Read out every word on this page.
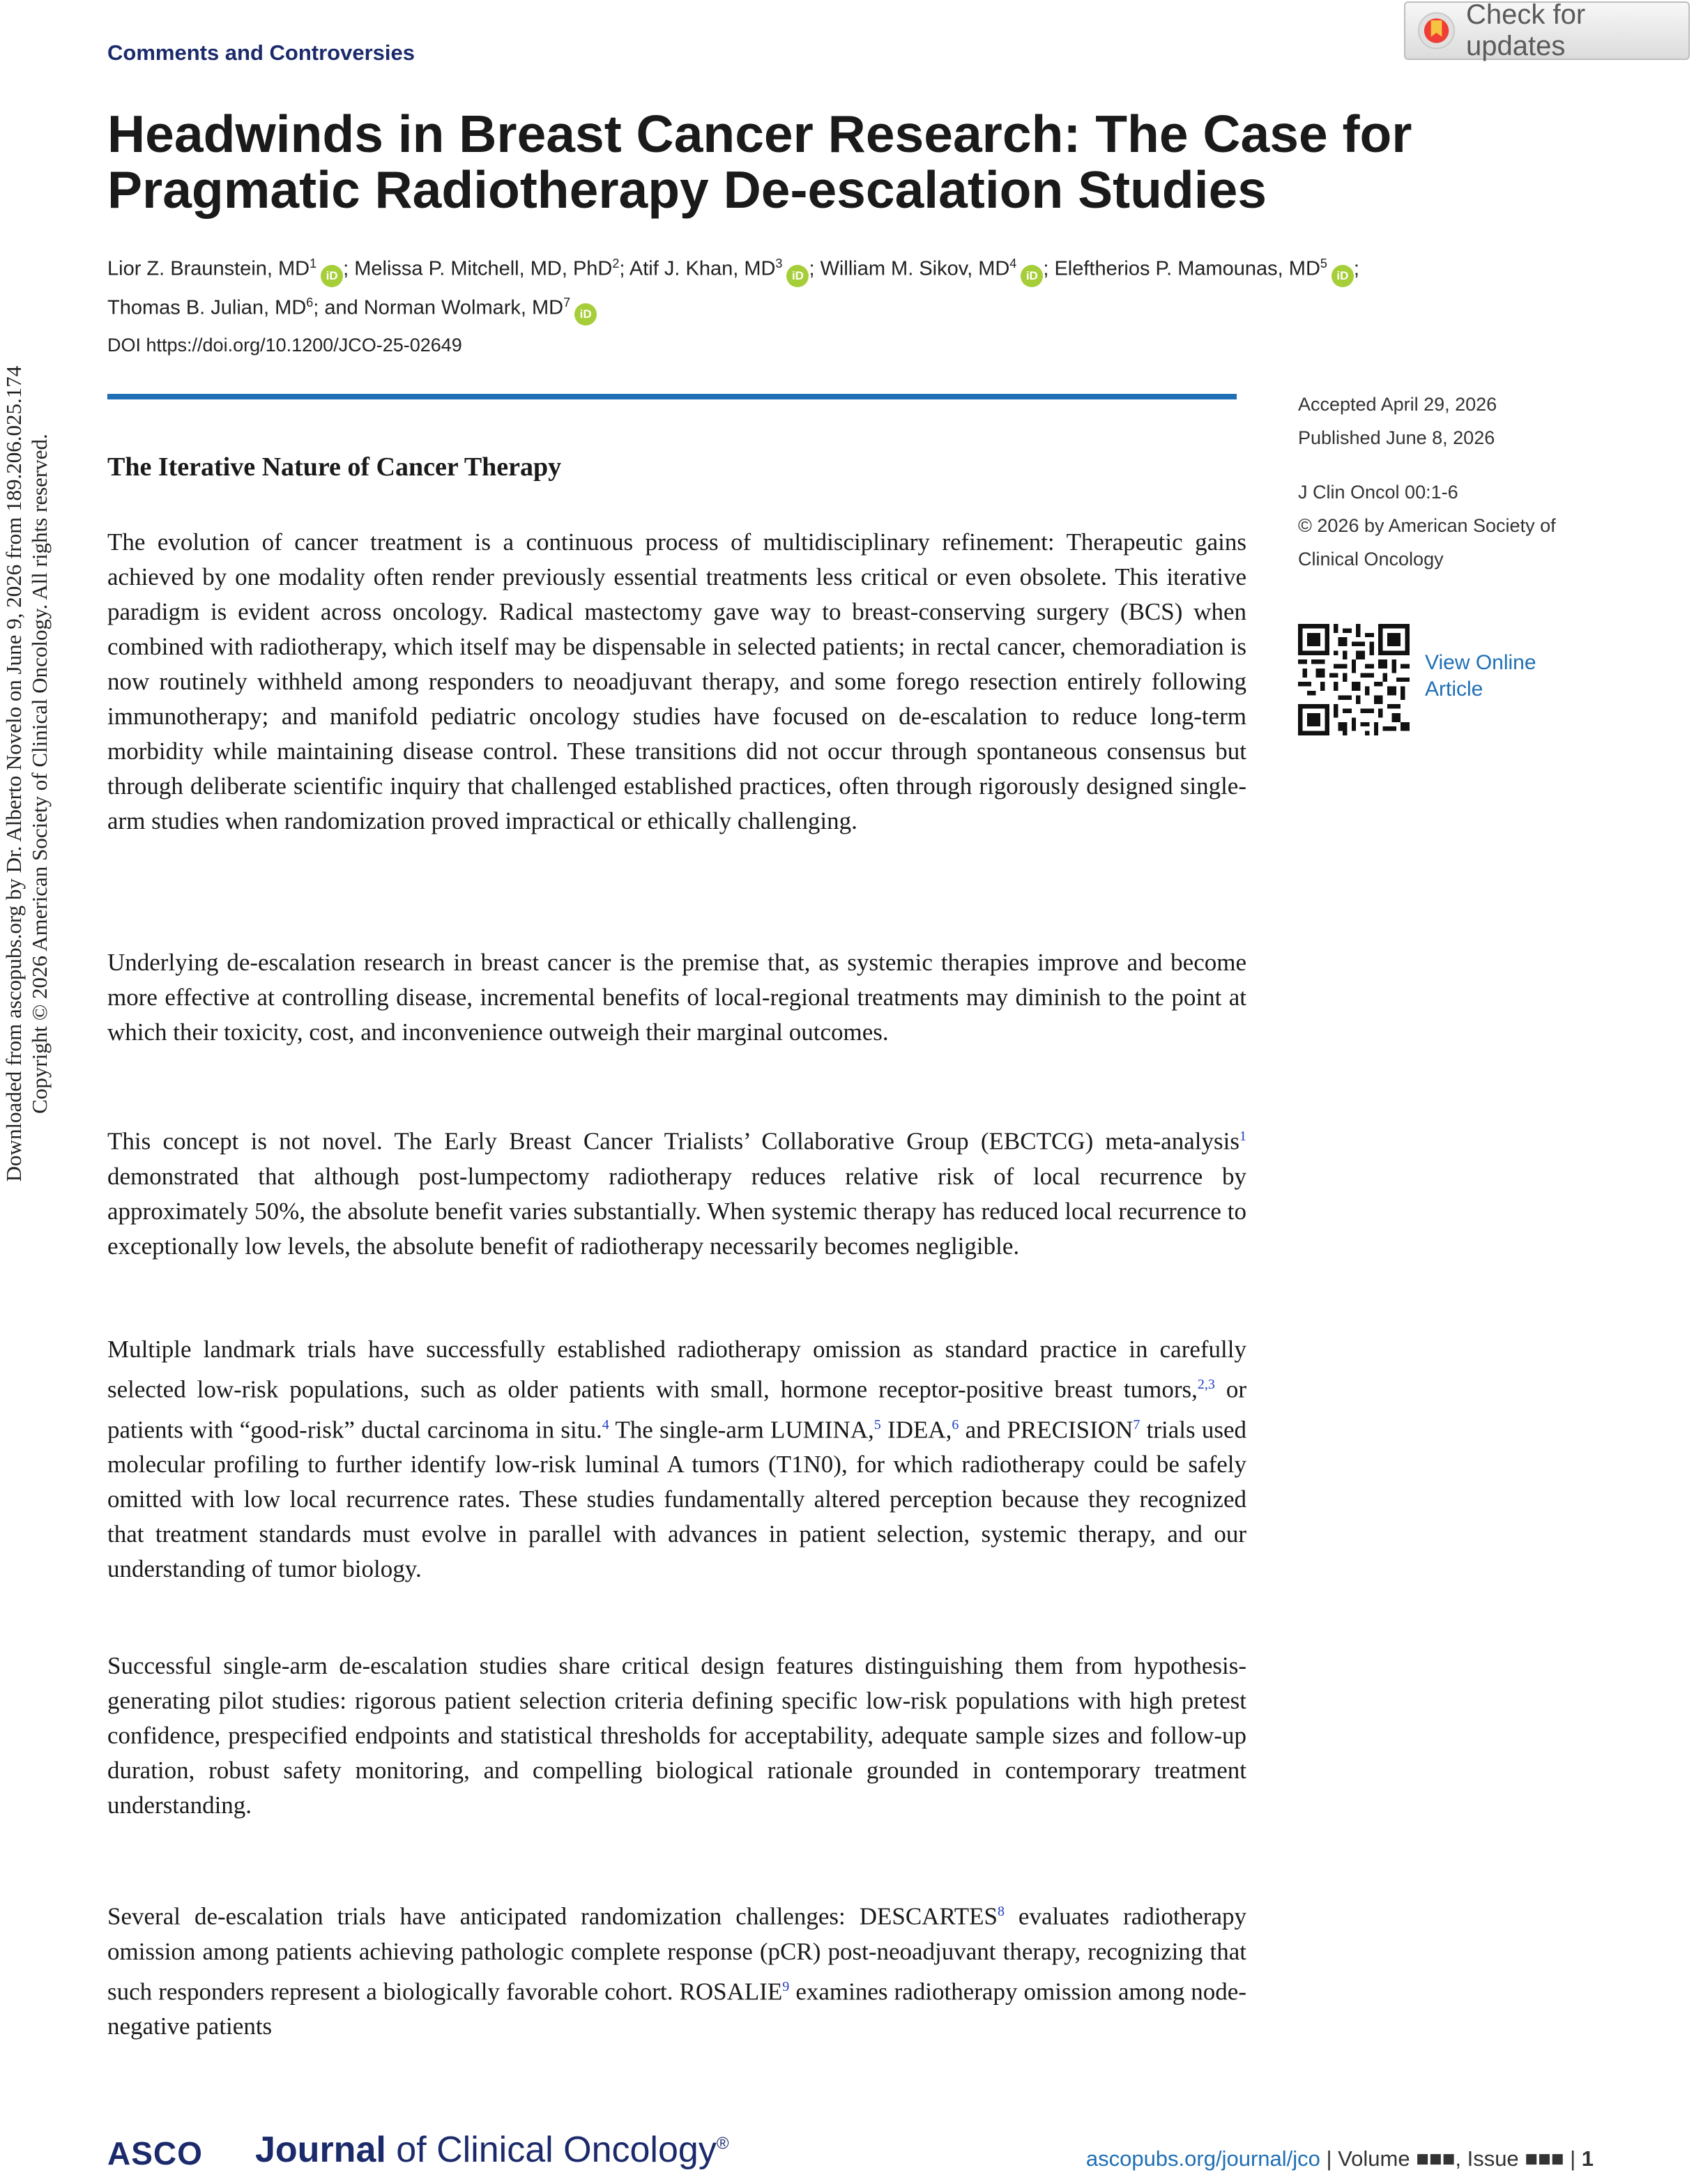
Comments and Controversies
Check for updates
Headwinds in Breast Cancer Research: The Case for
Pragmatic Radiotherapy De-escalation Studies
Lior Z. Braunstein, $MD^1iD$ ; Melissa P. Mitchell, MD, PhD$^2$; Atif J. Khan, $MD^3iD$ ; William M. Sikov, $MD^4iD$ ; Eleftherios P. Mamounas, $MD^5iD$ ;
Thomas B. Julian, $MD^6$; and Norman Wolmark, $MD^7iD$
DOI https://doi.org/10.1200/JCO-25-02649
Accepted April 29, 2026
Published June 8, 2026
J Clin Oncol 00:1-6
© 2026 by American Society of
Clinical Oncology
View Online
Article
Downloaded from ascopubs.org by Dr. Alberto Novelo on June 9, 2026 from 189.206.025.174 Copyright © 2026 American Society of Clinical Oncology. All rights reserved. The Iterative Nature of Cancer Therapy

The evolution of cancer treatment is a continuous process of multidisciplinary refinement: Therapeutic gains achieved by one modality often render previously essential treatments less critical or even obsolete. This iterative paradigm is evident across oncology. Radical mastectomy gave way to breast-conserving surgery (BCS) when combined with radiotherapy, which itself may be dispensable in selected patients; in rectal cancer, chemoradiation is now routinely withheld among responders to neoadjuvant therapy, and some forego resection entirely following immunotherapy; and manifold pediatric oncology studies have focused on de-escalation to reduce long-term morbidity while maintaining disease control. These transitions did not occur through spontaneous consensus but through deliberate scientific inquiry that challenged established practices, often through rigorously designed single-arm studies when randomization proved impractical or ethically challenging.

Underlying de-escalation research in breast cancer is the premise that, as systemic therapies improve and become more effective at controlling disease, incremental benefits of local-regional treatments may diminish to the point at which their toxicity, cost, and inconvenience outweigh their marginal outcomes.

This concept is not novel. The Early Breast Cancer Trialists’ Collaborative Group (EBCTCG) meta-analysis$^1$ demonstrated that although post-lumpectomy radiotherapy reduces relative risk of local recurrence by approximately 50%, the absolute benefit varies substantially. When systemic therapy has reduced local recurrence to exceptionally low levels, the absolute benefit of radiotherapy necessarily becomes negligible.

Multiple landmark trials have successfully established radiotherapy omission as standard practice in carefully selected low-risk populations, such as older patients with small, hormone receptor-positive breast tumors,$^{2,3}$ or patients with “good-risk” ductal carcinoma in situ.$^4$ The single-arm LUMINA,$^5$ IDEA,$^6$ and PRECISION$^7$ trials used molecular profiling to further identify low-risk luminal A tumors (T1N0), for which radiotherapy could be safely omitted with low local recurrence rates. These studies fundamentally altered perception because they recognized that treatment standards must evolve in parallel with advances in patient selection, systemic therapy, and our understanding of tumor biology.

Successful single-arm de-escalation studies share critical design features distinguishing them from hypothesis-generating pilot studies: rigorous patient selection criteria defining specific low-risk populations with high pretest confidence, prespecified endpoints and statistical thresholds for acceptability, adequate sample sizes and follow-up duration, robust safety monitoring, and compelling biological rationale grounded in contemporary treatment understanding.

Several de-escalation trials have anticipated randomization challenges: DESCARTES$^8$ evaluates radiotherapy omission among patients achieving pathologic complete response (pCR) post-neoadjuvant therapy, recognizing that such responders represent a biologically favorable cohort. ROSALIE$^9$ examines radiotherapy omission among node-negative patients

ASCO Journal of Clinical Oncology®
ascopubs.org/journal/jco | Volume ■■■, Issue ■■■ | 1
